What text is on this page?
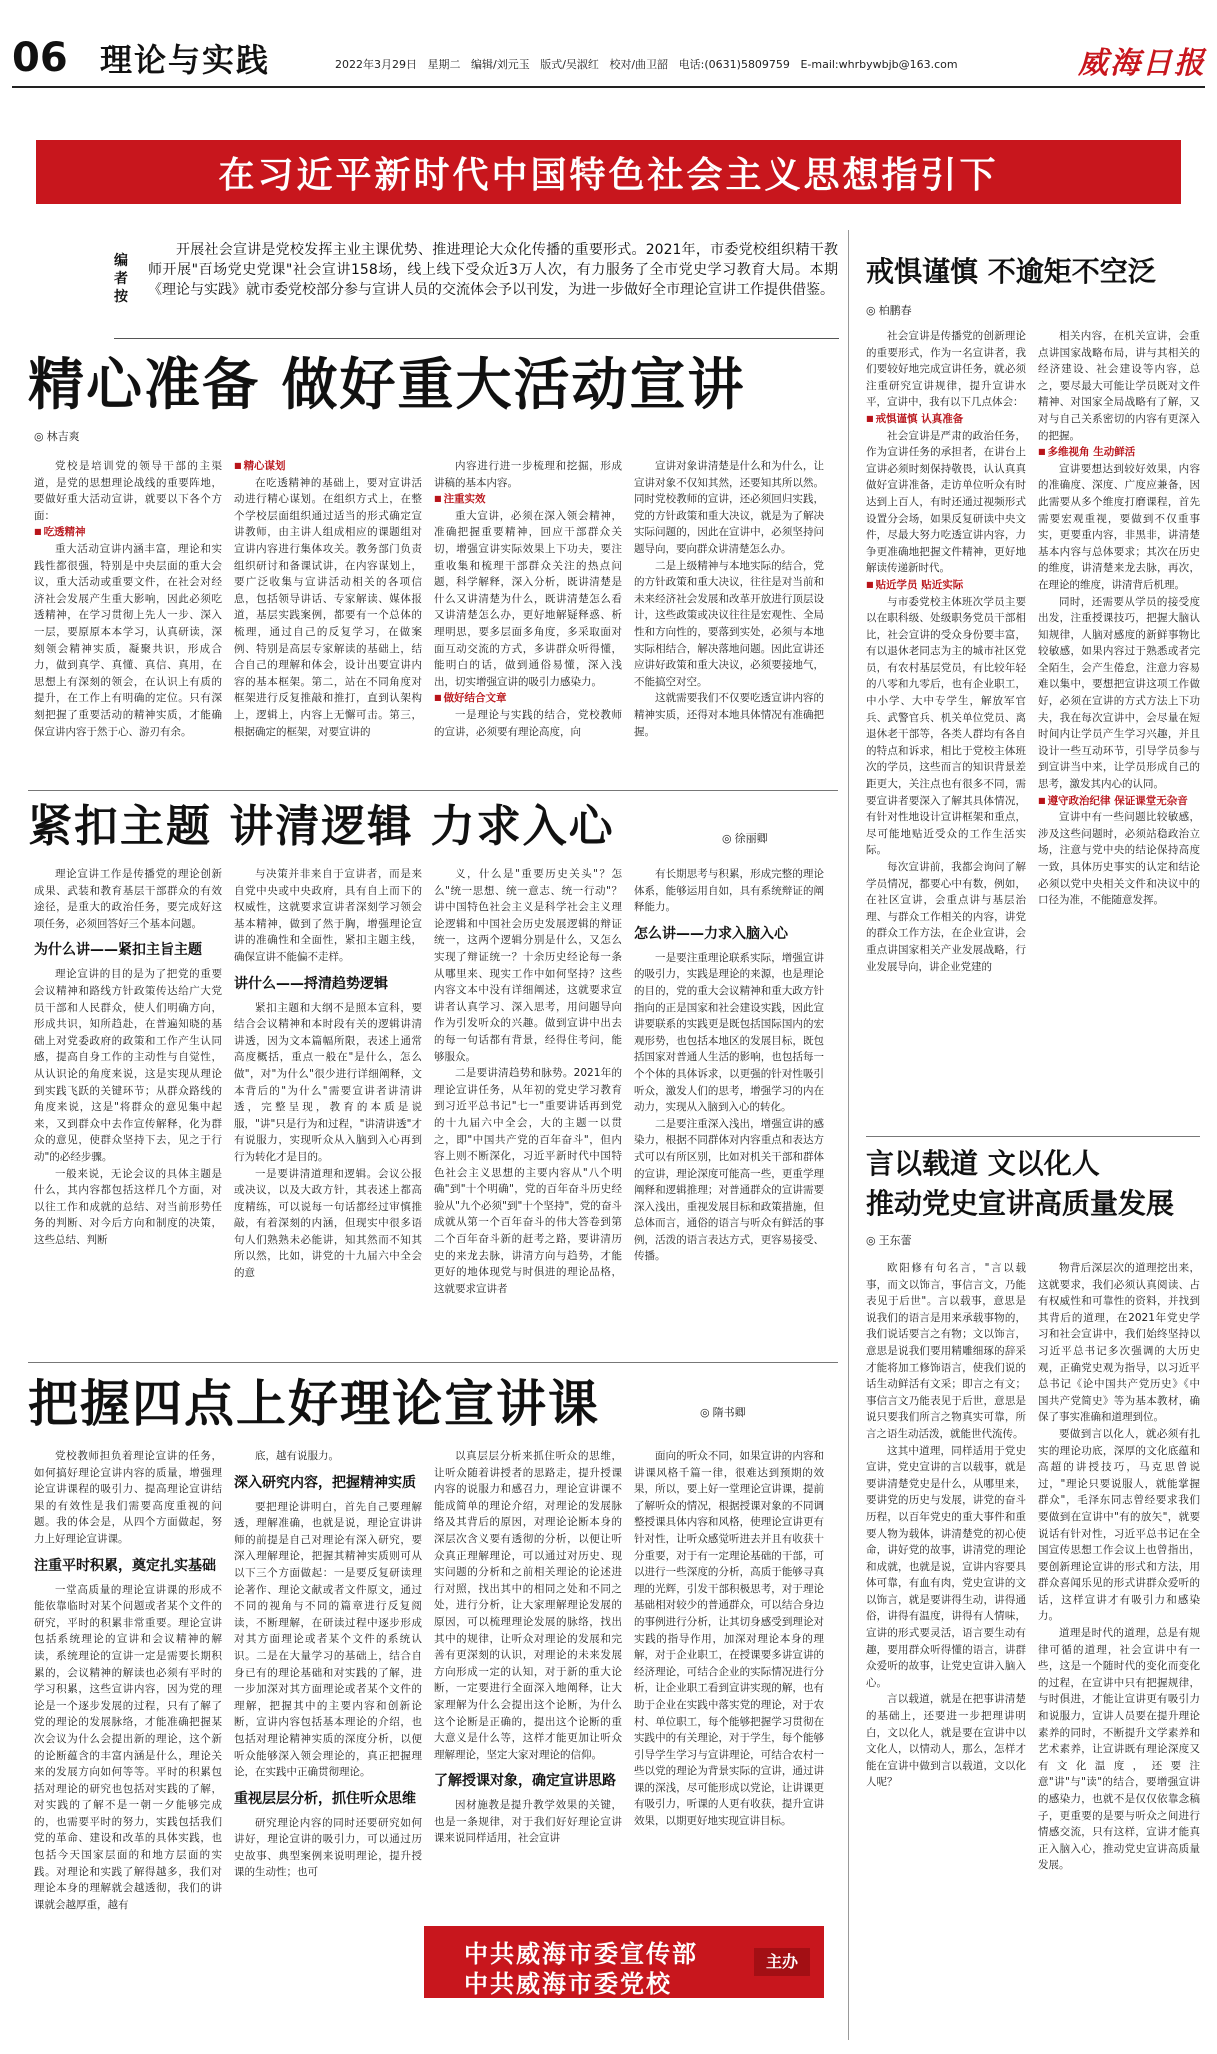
06 理论与实践	2022年3月29日 星期二 编辑/刘元玉 版式/吴淑红 校对/曲卫韶 电话:(0631)5809759 E-mail:whrbywbjb@163.com	威海日报
在习近平新时代中国特色社会主义思想指引下
编者按
开展社会宣讲是党校发挥主业主课优势、推进理论大众化传播的重要形式。2021年，市委党校组织精干教师开展"百场党史党课"社会宣讲158场，线上线下受众近3万人次，有力服务了全市党史学习教育大局。本期《理论与实践》就市委党校部分参与宣讲人员的交流体会予以刊发，为进一步做好全市理论宣讲工作提供借鉴。
精心准备 做好重大活动宣讲
◎ 林吉爽

党校是培训党的领导干部的主渠道，是党的思想理论战线的重要阵地，要做好重大活动宣讲，就要以下各个方面：

■ 吃透精神

重大活动宣讲内涵丰富，理论和实践性都很强，特别是中央层面的重大会议，重大活动或重要文件，在社会对经济社会发展产生重大影响，因此必须吃透精神，在学习贯彻上先人一步、深入一层，要原原本本学习，认真研读，深刻领会精神实质，凝聚共识，形成合力，做到真学、真懂、真信、真用，在思想上有深刻的领会，在认识上有质的提升，在工作上有明确的定位。只有深刻把握了重要活动的精神实质，才能确保宣讲内容于然于心、游刃有余。

■ 精心谋划

在吃透精神的基础上，要对宣讲活动进行精心谋划。在组织方式上，在整个学校层面组织通过适当的形式确定宣讲教师，由主讲人组成相应的课题组对宣讲内容进行集体攻关。教务部门负责组织研讨和备课试讲，在内容谋划上，要广泛收集与宣讲活动相关的各项信息，包括领导讲话、专家解读、媒体报道，基层实践案例，都要有一个总体的梳理，通过自己的反复学习，在做案例、特别是高层专家解读的基础上，结合自己的理解和体会，设计出要宣讲内容的基本框架。第二，站在不同角度对框架进行反复推敲和推打，直到认架构上，逻辑上，内容上无懈可击。第三，根据确定的框架，对要宣讲的

内容进行进一步梳理和挖掘，形成讲稿的基本内容。

■ 注重实效

重大宣讲，必须在深入领会精神，准确把握重要精神，回应干部群众关切，增强宣讲实际效果上下功夫，要注重收集和梳理干部群众关注的热点问题，科学解释，深入分析，既讲清楚是什么又讲清楚为什么，既讲清楚怎么看又讲清楚怎么办，更好地解疑释惑、析理明思，要多层面多角度，多采取面对面互动交流的方式，多讲群众听得懂，能明白的话，做到通俗易懂，深入浅出，切实增强宣讲的吸引力感染力。

■ 做好结合文章

一是理论与实践的结合，党校教师的宣讲，必须要有理论高度，向

宣讲对象讲清楚是什么和为什么，让宣讲对象不仅知其然，还要知其所以然。同时党校教师的宣讲，还必须回归实践，党的方针政策和重大决议，就是为了解决实际问题的，因此在宣讲中，必须坚持问题导向，要向群众讲清楚怎么办。

二是上级精神与本地实际的结合，党的方针政策和重大决议，往往是对当前和未来经济社会发展和改革开放进行顶层设计，这些政策或决议往往是宏观性、全局性和方向性的，要落到实处，必须与本地实际相结合，解决落地问题。因此宣讲还应讲好政策和重大决议，必须要接地气，不能搞空对空。

这就需要我们不仅要吃透宣讲内容的精神实质，还得对本地具体情况有准确把握。

紧扣主题 讲清逻辑 力求入心	◎ 徐丽卿

理论宣讲工作是传播党的理论创新成果、武装和教育基层干部群众的有效途径，是重大的政治任务，要完成好这项任务，必须回答好三个基本问题。

为什么讲——紧扣主旨主题

理论宣讲的目的是为了把党的重要会议精神和路线方针政策传达给广大党员干部和人民群众，使人们明确方向，形成共识，知所趋赴，在普遍知晓的基础上对党委政府的政策和工作产生认同感，提高自身工作的主动性与自觉性，从认识论的角度来说，这是实现从理论到实践飞跃的关键环节；从群众路线的角度来说，这是"将群众的意见集中起来，又到群众中去作宣传解释，化为群众的意见，使群众坚持下去，见之于行动"的必经步骤。

一般来说，无论会议的具体主题是什么，其内容都包括这样几个方面，对以往工作和成就的总结、对当前形势任务的判断、对今后方向和制度的决策，这些总结、判断

与决策并非来自于宣讲者，而是来自党中央或中央政府，具有自上而下的权威性，这就要求宣讲者深刻学习领会基本精神，做到了然于胸，增强理论宣讲的准确性和全面性，紧扣主题主线，确保宣讲不能偏不走样。

讲什么——捋清趋势逻辑

紧扣主题和大纲不是照本宣科，要结合会议精神和本时段有关的逻辑讲清讲透，因为文本篇幅所限，表述上通常高度概括，重点一般在"是什么，怎么做"，对"为什么"很少进行详细阐释，文本背后的"为什么"需要宣讲者讲清讲透，完整呈现，教育的本质是说服，"讲"只是行为和过程，"讲清讲透"才有说服力，实现听众从入脑到入心再到行为转化才是目的。

一是要讲清道理和逻辑。会议公报或决议，以及大政方针，其表述上都高度精练，可以说每一句话都经过审慎推敲，有着深刻的内涵，但现实中很多语句人们熟熟未必能讲，知其然而不知其所以然，比如，讲党的十九届六中全会的意

义，什么是"重要历史关头"？怎么"统一思想、统一意志、统一行动"？讲中国特色社会主义是科学社会主义理论逻辑和中国社会历史发展逻辑的辩证统一，这两个逻辑分别是什么，又怎么实现了辩证统一？十余历史经论每一条从哪里来、现实工作中如何坚持？这些内容文本中没有详细阐述，这就要求宣讲者认真学习、深入思考，用问题导向作为引发听众的兴趣。做到宣讲中出去的每一句话都有背景，经得住考问，能够服众。

二是要讲清趋势和脉势。2021年的理论宣讲任务，从年初的党史学习教育到习近平总书记"七一"重要讲话再到党的十九届六中全会，大的主题一以贯之，即"中国共产党的百年奋斗"，但内容上则不断深化，习近平新时代中国特色社会主义思想的主要内容从"八个明确"到"十个明确"，党的百年奋斗历史经验从"九个必须"到"十个坚持"，党的奋斗成就从第一个百年奋斗的伟大答卷到第二个百年奋斗新的赶考之路，要讲清历史的来龙去脉，讲清方向与趋势，才能更好的地体现党与时俱进的理论品格，这就要求宣讲者

有长期思考与积累，形成完整的理论体系，能够运用自如，具有系统辩证的阐释能力。

怎么讲——力求入脑入心

一是要注重理论联系实际，增强宣讲的吸引力，实践是理论的来源，也是理论的目的，党的重大会议精神和重大政方针指向的正是国家和社会建设实践，因此宣讲要联系的实践更是既包括国际国内的宏观形势，也包括本地区的发展目标，既包括国家对普通人生活的影响，也包括每一个个体的具体诉求，以更强的针对性吸引听众，激发人们的思考，增强学习的内在动力，实现从入脑到入心的转化。

二是要注重深入浅出，增强宣讲的感染力，根据不同群体对内容重点和表达方式可以有所区别，比如对机关干部和群体的宣讲，理论深度可能高一些，更重学理阐释和逻辑推理；对普通群众的宣讲需要深入浅出，重视发展目标和政策措施，但总体而言，通俗的语言与听众有鲜活的事例，活泼的语言表达方式，更容易接受、传播。

把握四点上好理论宣讲课	◎ 隋书卿

党校教师担负着理论宣讲的任务，如何搞好理论宣讲内容的质量，增强理论宣讲课程的吸引力、提高理论宣讲结果的有效性是我们需要高度重视的问题。我的体会是，从四个方面做起，努力上好理论宣讲课。

注重平时积累，奠定扎实基础

一堂高质量的理论宣讲课的形成不能依靠临时对某个问题或者某个文件的研究，平时的积累非常重要。理论宣讲包括系统理论的宣讲和会议精神的解读，系统理论的宣讲一定是需要长期积累的，会议精神的解读也必须有平时的学习积累，这些宣讲内容，因为党的理论是一个逐步发展的过程，只有了解了党的理论的发展脉络，才能准确把握某次会议为什么会提出新的理论，这个新的论断蕴含的丰富内涵是什么，理论关来的发展方向如何等等。平时的积累包括对理论的研究也包括对实践的了解，对实践的了解不是一朝一夕能够完成的，也需要平时的努力，实践包括我们党的革命、建设和改革的具体实践，也包括今天国家层面的和地方层面的实践。对理论和实践了解得越多，我们对理论本身的理解就会越透彻，我们的讲课就会越厚重，越有

底，越有说服力。

深入研究内容，把握精神实质

要把理论讲明白，首先自己要理解透，理解准确，也就是说，理论宣讲讲师的前提是自己对理论有深入研究，要深入理解理论，把握其精神实质则可从以下三个方面做起：一是要反复研读理论著作、理论文献或者文件原文，通过不同的视角与不同的篇章进行反复阅读，不断理解，在研读过程中逐步形成对其方面理论或者某个文件的系统认识。二是在大量学习的基础上，结合自身已有的理论基础和对实践的了解，进一步加深对其方面理论或者某个文件的理解，把握其中的主要内容和创新论断，宣讲内容包括基本理论的介绍，也包括对理论精神实质的深度分析，以便听众能够深入领会理论的，真正把握理论，在实践中正确贯彻理论。

重视层层分析，抓住听众思维

研究理论内容的同时还要研究如何讲好，理论宣讲的吸引力，可以通过历史故事、典型案例来说明理论，提升授课的生动性；也可

以真层层分析来抓住听众的思维，让听众随着讲授者的思路走，提升授课内容的说服力和感召力，理论宣讲课不能成简单的理论介绍，对理论的发展脉络及其背后的原因，对理论论断本身的深层次含义要有透彻的分析，以便让听众真正理解理论，可以通过对历史、现实问题的分析和之前相关理论的论述进行对照，找出其中的相同之处和不同之处，进行分析，让大家理解理论发展的原因，可以梳理理论发展的脉络，找出其中的规律，让听众对理论的发展和完善有更深刻的认识，对理论的未来发展方向形成一定的认知，对于新的重大论断，一定要进行全面深入地阐释，让大家理解为什么会提出这个论断，为什么这个论断是正确的，提出这个论断的重大意义是什么等，这样才能更加让听众理解理论，坚定大家对理论的信仰。

了解授课对象，确定宣讲思路

因材施教是提升教学效果的关键，也是一条规律，对于我们好好理论宣讲课来说同样适用，社会宣讲

面向的听众不同，如果宣讲的内容和讲课风格千篇一律，很难达到预期的效果，所以，要上好一堂理论宣讲课，提前了解听众的情况，根据授课对象的不同调整授课具体内容和风格，使理论宣讲更有针对性，让听众感觉听进去并且有收获十分重要，对于有一定理论基础的干部，可以进行一些深度的分析，高质于能够寻真理的光辉，引发干部积极思考，对于理论基础相对较少的普通群众，可以结合身边的事例进行分析，让其切身感受到理论对实践的指导作用，加深对理论本身的理解，对于企业职工，在授课要多讲宣讲的经济理论，可结合企业的实际情况进行分析，让企业职工看到宣讲实现的解，也有助于企业在实践中落实党的理论，对于农村、单位职工，每个能够把握学习贯彻在实践中的有关理论，对于学生，每个能够引导学生学习与宣讲理论，可结合农村一些以党的理论为背景实际的宣讲，通过讲课的深浅，尽可能形成以党论，让讲课更有吸引力，听课的人更有收获，提升宣讲效果，以期更好地实现宣讲目标。

戒惧谨慎 不逾矩不空泛
◎ 柏鹏春

社会宣讲是传播党的创新理论的重要形式，作为一名宣讲者，我们要较好地完成宣讲任务，就必须注重研究宣讲规律，提升宣讲水平，宣讲中，我有以下几点体会：

■ 戒惧谨慎 认真准备

社会宣讲是严肃的政治任务，作为宣讲任务的承担者，在讲台上宣讲必须时刻保持敬畏，认认真真做好宣讲准备，走访单位听众有时达到上百人，有时还通过视频形式设置分会场，如果反复研读中央文件，尽最大努力吃透宣讲内容，力争更准确地把握文件精神，更好地解读传递新时代。

■ 贴近学员 贴近实际

与市委党校主体班次学员主要以在职科级、处级职务党员干部相比，社会宣讲的受众身份要丰富，有以退休老同志为主的城市社区党员，有农村基层党员，有比较年轻的八零和九零后，也有企业职工，中小学、大中专学生，解放军官兵、武警官兵、机关单位党员、离退休老干部等，各类人群均有各自的特点和诉求，相比于党校主体班次的学员，这些而言的知识背景差距更大，关注点也有很多不同，需要宣讲者要深入了解其具体情况，有针对性地设计宣讲框架和重点，尽可能地贴近受众的工作生活实际。

每次宣讲前，我都会询问了解学员情况，都要心中有数，例如，在社区宣讲，会重点讲与基层治理、与群众工作相关的内容，讲党的群众工作方法，在企业宣讲，会重点讲国家相关产业发展战略，行业发展导向，讲企业党建的

相关内容，在机关宣讲，会重点讲国家战略布局，讲与其相关的经济建设、社会建设等内容，总之，要尽最大可能让学员既对文件精神、对国家全局战略有了解，又对与自己关系密切的内容有更深入的把握。

■ 多维视角 生动鲜活

宣讲要想达到较好效果，内容的准确度、深度、广度应兼备，因此需要从多个维度打磨课程，首先需要宏观重视，要做到不仅重事实，更要重内容，非黑非，讲清楚基本内容与总体要求；其次在历史的维度，讲清楚来龙去脉，再次，在理论的维度，讲清背后机理。

同时，还需要从学员的接受度出发，注重授课技巧，把握大脑认知规律，人脑对感度的新鲜事物比较敏感，如果内容过于熟悉或者完全陌生，会产生倦怠，注意力容易难以集中，要想把宣讲这项工作做好，必须在宣讲的方式方法上下功夫，我在每次宣讲中，会尽量在短时间内让学员产生学习兴趣，并且设计一些互动环节，引导学员参与到宣讲当中来，让学员形成自己的思考，激发其内心的认同。

■ 遵守政治纪律 保证课堂无杂音

宣讲中有一些问题比较敏感，涉及这些问题时，必须站稳政治立场，注意与党中央的结论保持高度一致，具体历史事实的认定和结论必须以党中央相关文件和决议中的口径为准，不能随意发挥。

言以载道 文以化人
推动党史宣讲高质量发展
◎ 王东蕾

欧阳修有句名言，"言以载事，而文以饰言，事信言文，乃能表见于后世"。言以载事，意思是说我们的语言是用来承载事物的，我们说话要言之有物；文以饰言，意思是说我们要用精雕细琢的辞采才能将加工修饰语言，使我们说的话生动鲜活有文采；即言之有文；事信言文乃能表见于后世，意思是说只要我们所言之物真实可靠，所言之语生动活泼，就能世代流传。

这其中道理，同样适用于党史宣讲，党史宣讲的言以载事，就是要讲清楚党史是什么，从哪里来，要讲党的历史与发展，讲党的奋斗历程，以百年党史的重大事件和重要人物为载体，讲清楚党的初心使命，讲好党的故事，讲清党的理论和成就，也就是说，宣讲内容要具体可靠，有血有肉，党史宣讲的文以饰言，就是要讲得生动，讲得通俗，讲得有温度，讲得有人情味，宣讲的形式要灵活，语言要生动有趣，要用群众听得懂的语言，讲群众爱听的故事，让党史宣讲入脑入心。

言以载道，就是在把事讲清楚的基础上，还要进一步把理讲明白，文以化人，就是要在宣讲中以文化人，以情动人，那么，怎样才能在宣讲中做到言以载道，文以化人呢？

物背后深层次的道理挖出来，这就要求，我们必须认真阅读、占有权威性和可靠性的资料，并找到其背后的道理，在2021年党史学习和社会宣讲中，我们始终坚持以习近平总书记多次强调的大历史观，正确党史观为指导，以习近平总书记《论中国共产党历史》《中国共产党简史》等为基本教材，确保了事实准确和道理到位。

要做到言以化人，就必须有扎实的理论功底，深厚的文化底蕴和高超的讲授技巧，马克思曾说过，"理论只要说服人，就能掌握群众"，毛泽东同志曾经要求我们要做到在宣讲中"有的放矢"，就要说话有针对性，习近平总书记在全国宣传思想工作会议上也曾指出，要创新理论宣讲的形式和方法，用群众喜闻乐见的形式讲群众爱听的话，这样宣讲才有吸引力和感染力。

道理是时代的道理，总是有规律可循的道理，社会宣讲中有一些，这是一个随时代的变化而变化的过程，在宣讲中只有把握规律，与时俱进，才能让宣讲更有吸引力和说服力，宣讲人员要在提升理论素养的同时，不断提升文学素养和艺术素养，让宣讲既有理论深度又有文化温度，还要注意"讲"与"读"的结合，要增强宣讲的感染力，也就不是仅仅依靠念稿子，更重要的是要与听众之间进行情感交流，只有这样，宣讲才能真正入脑入心，推动党史宣讲高质量发展。

中共威海市委宣传部
中共威海市委党校
主办
